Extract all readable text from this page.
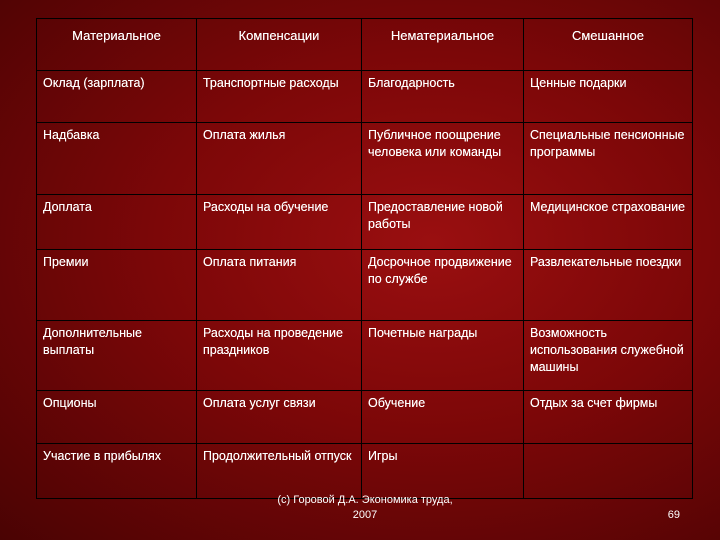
Материальное	Компенсации	Нематериальное	Смешанное
Оклад (зарплата)	Транспортные расходы	Благодарность	Ценные подарки
Надбавка	Оплата жилья	Публичное поощрение человека или команды	Специальные пенсионные программы
Доплата	Расходы на обучение	Предоставление новой работы	Медицинское страхование
Премии	Оплата питания	Досрочное продвижение по службе	Развлекательные поездки
Дополнительные выплаты	Расходы на проведение праздников	Почетные награды	Возможность использования служебной машины
Опционы	Оплата услуг связи	Обучение	Отдых за счет фирмы
Участие в прибылях	Продолжительный отпуск	Игры	
(с) Горовой Д.А. Экономика труда,
2007	69
